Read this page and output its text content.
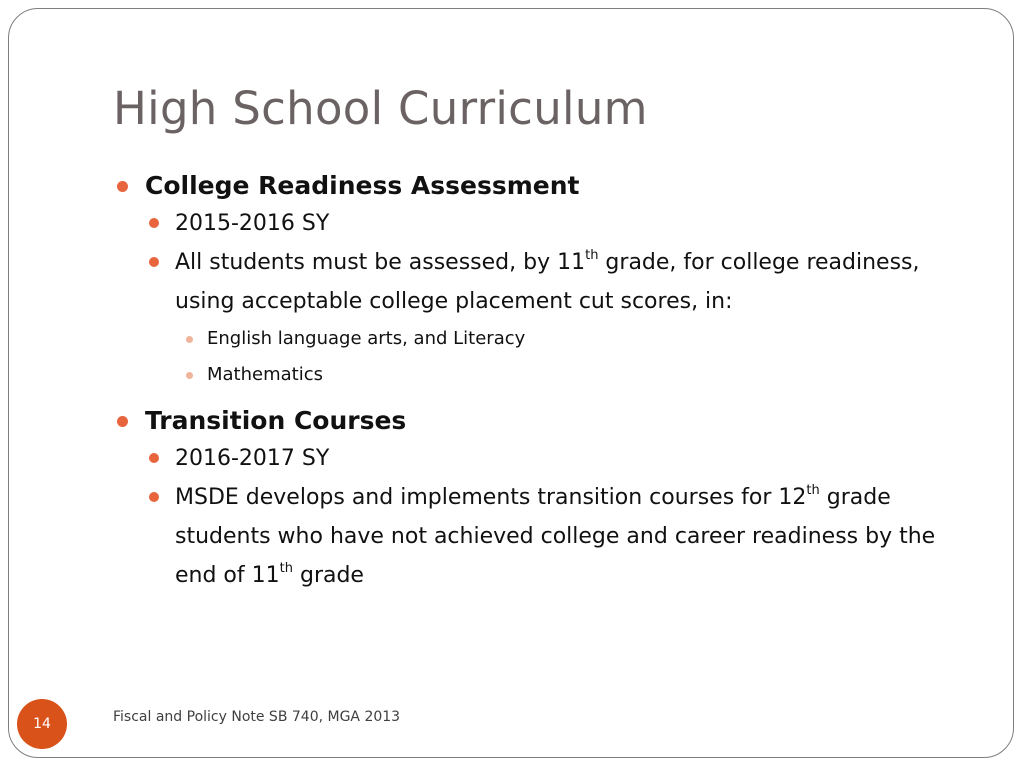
High School Curriculum
College Readiness Assessment
2015-2016 SY
All students must be assessed, by 11th grade, for college readiness, using acceptable college placement cut scores, in:
English language arts, and Literacy
Mathematics
Transition Courses
2016-2017 SY
MSDE develops and implements transition courses for 12th grade students who have not achieved college and career readiness by the end of 11th grade
14	Fiscal and Policy Note SB 740, MGA 2013
